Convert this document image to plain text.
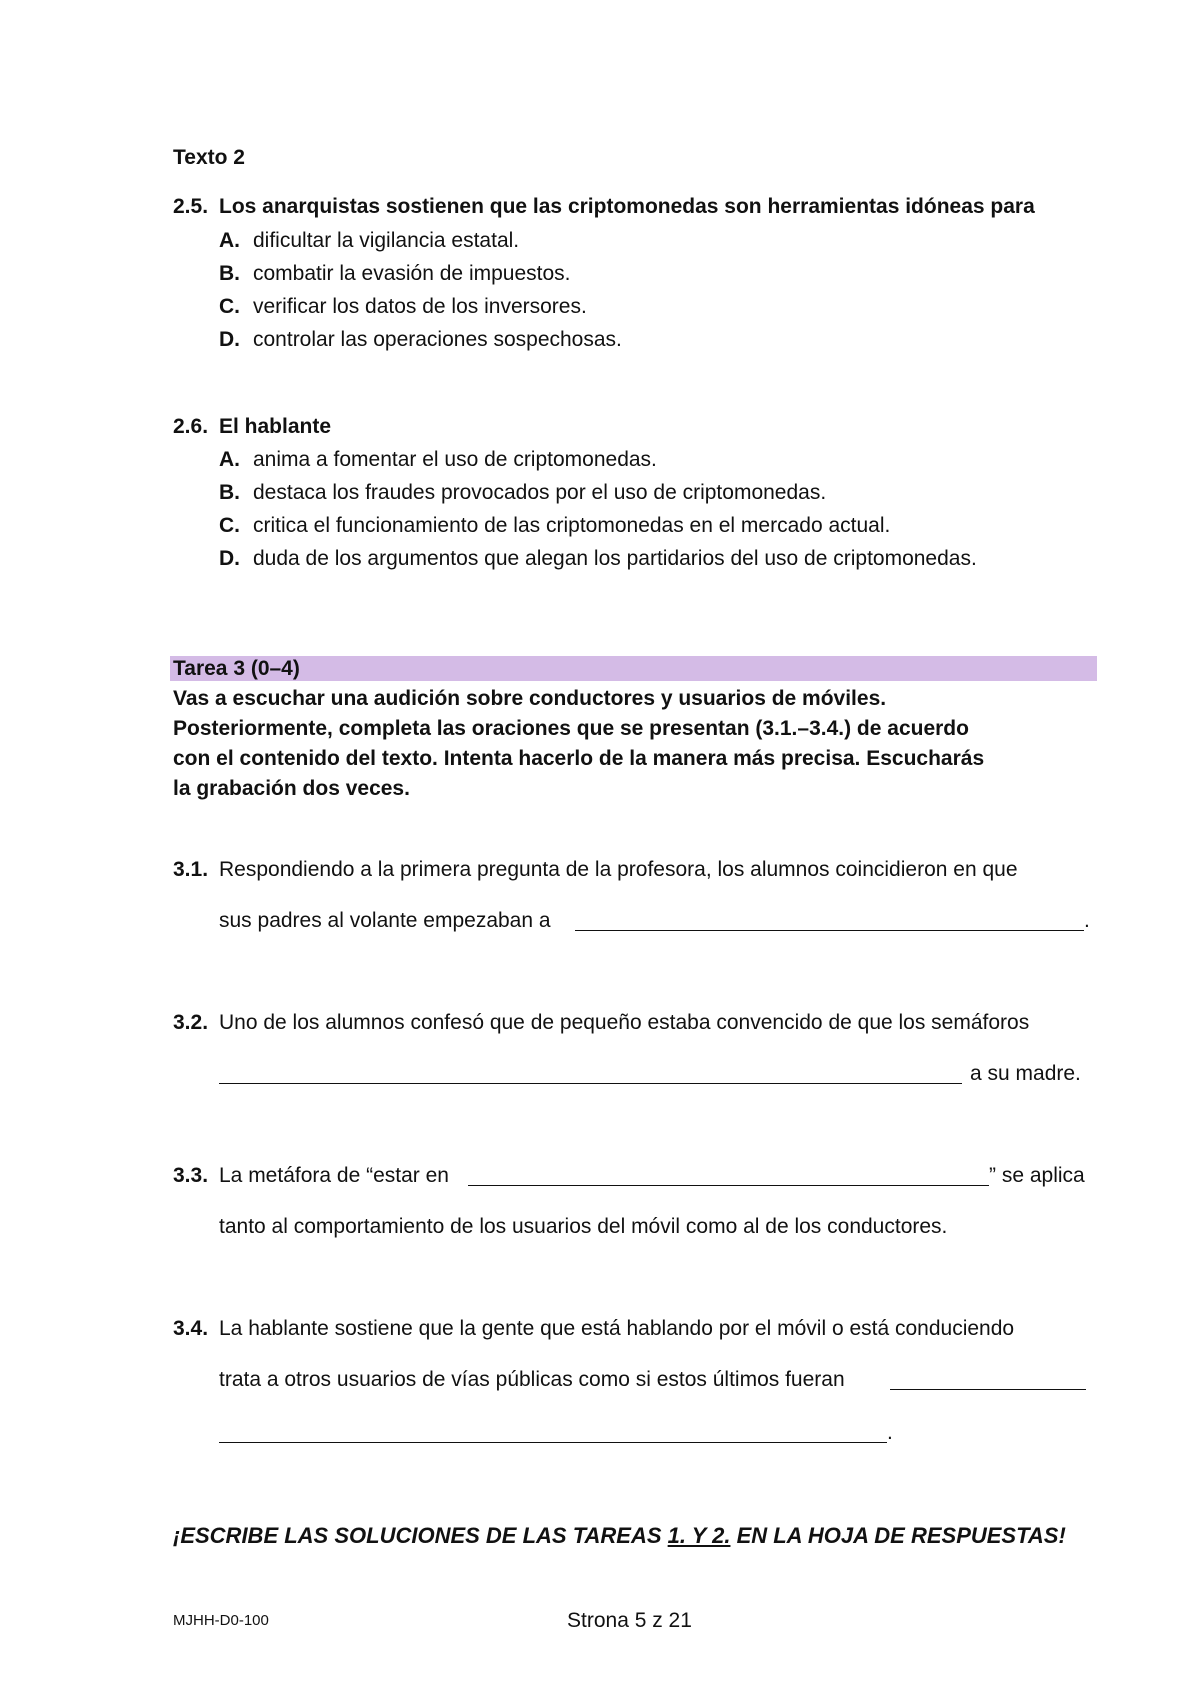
Texto 2
2.5. Los anarquistas sostienen que las criptomonedas son herramientas idóneas para
A. dificultar la vigilancia estatal.
B. combatir la evasión de impuestos.
C. verificar los datos de los inversores.
D. controlar las operaciones sospechosas.
2.6. El hablante
A. anima a fomentar el uso de criptomonedas.
B. destaca los fraudes provocados por el uso de criptomonedas.
C. critica el funcionamiento de las criptomonedas en el mercado actual.
D. duda de los argumentos que alegan los partidarios del uso de criptomonedas.
Tarea 3 (0–4)
Vas a escuchar una audición sobre conductores y usuarios de móviles.
Posteriormente, completa las oraciones que se presentan (3.1.–3.4.) de acuerdo
con el contenido del texto. Intenta hacerlo de la manera más precisa. Escucharás
la grabación dos veces.
3.1. Respondiendo a la primera pregunta de la profesora, los alumnos coincidieron en que
sus padres al volante empezaban a	.
3.2. Uno de los alumnos confesó que de pequeño estaba convencido de que los semáforos
a su madre.
3.3. La metáfora de “estar en	” se aplica
tanto al comportamiento de los usuarios del móvil como al de los conductores.
3.4. La hablante sostiene que la gente que está hablando por el móvil o está conduciendo
trata a otros usuarios de vías públicas como si estos últimos fueran
.
¡ESCRIBE LAS SOLUCIONES DE LAS TAREAS 1. Y 2. EN LA HOJA DE RESPUESTAS!
MJHH-D0-100	Strona 5 z 21
